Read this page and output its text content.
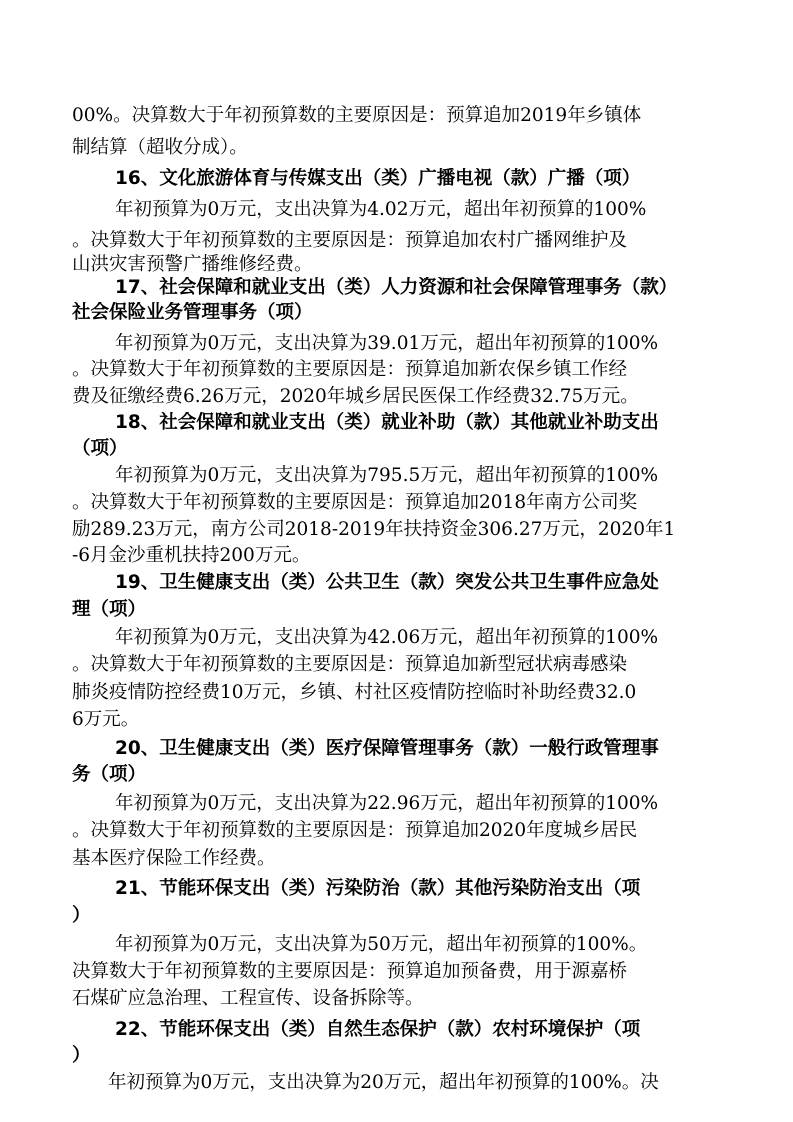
00%。决算数大于年初预算数的主要原因是：预算追加2019年乡镇体
制结算（超收分成）。
16、文化旅游体育与传媒支出（类）广播电视（款）广播（项）
年初预算为0万元，支出决算为4.02万元，超出年初预算的100%
。决算数大于年初预算数的主要原因是：预算追加农村广播网维护及
山洪灾害预警广播维修经费。
17、社会保障和就业支出（类）人力资源和社会保障管理事务（款）
社会保险业务管理事务（项）
年初预算为0万元，支出决算为39.01万元，超出年初预算的100%
。决算数大于年初预算数的主要原因是：预算追加新农保乡镇工作经
费及征缴经费6.26万元，2020年城乡居民医保工作经费32.75万元。
18、社会保障和就业支出（类）就业补助（款）其他就业补助支出
（项）
年初预算为0万元，支出决算为795.5万元，超出年初预算的100%
。决算数大于年初预算数的主要原因是：预算追加2018年南方公司奖
励289.23万元，南方公司2018-2019年扶持资金306.27万元，2020年1
-6月金沙重机扶持200万元。
19、卫生健康支出（类）公共卫生（款）突发公共卫生事件应急处
理（项）
年初预算为0万元，支出决算为42.06万元，超出年初预算的100%
。决算数大于年初预算数的主要原因是：预算追加新型冠状病毒感染
肺炎疫情防控经费10万元，乡镇、村社区疫情防控临时补助经费32.0
6万元。
20、卫生健康支出（类）医疗保障管理事务（款）一般行政管理事
务（项）
年初预算为0万元，支出决算为22.96万元，超出年初预算的100%
。决算数大于年初预算数的主要原因是：预算追加2020年度城乡居民
基本医疗保险工作经费。
21、节能环保支出（类）污染防治（款）其他污染防治支出（项
）
年初预算为0万元，支出决算为50万元，超出年初预算的100%。
决算数大于年初预算数的主要原因是：预算追加预备费，用于源嘉桥
石煤矿应急治理、工程宣传、设备拆除等。
22、节能环保支出（类）自然生态保护（款）农村环境保护（项
）
年初预算为0万元，支出决算为20万元，超出年初预算的100%。决
